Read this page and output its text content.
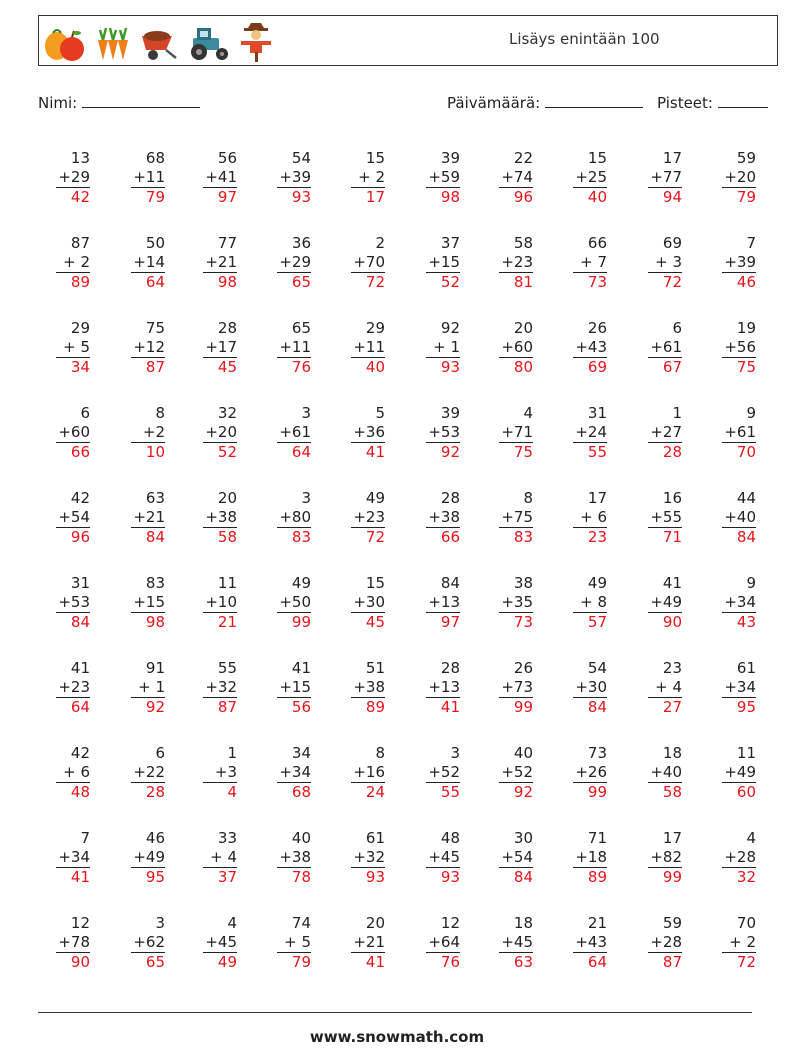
Lisäys enintään 100
Nimi:	Päivämäärä:	Pisteet:
13
+29
42
68
+11
79
56
+41
97
54
+39
93
15
+ 2
17
39
+59
98
22
+74
96
15
+25
40
17
+77
94
59
+20
79
87
+ 2
89
50
+14
64
77
+21
98
36
+29
65
2
+70
72
37
+15
52
58
+23
81
66
+ 7
73
69
+ 3
72
7
+39
46
29
+ 5
34
75
+12
87
28
+17
45
65
+11
76
29
+11
40
92
+ 1
93
20
+60
80
26
+43
69
6
+61
67
19
+56
75
6
+60
66
8
+2
10
32
+20
52
3
+61
64
5
+36
41
39
+53
92
4
+71
75
31
+24
55
1
+27
28
9
+61
70
42
+54
96
63
+21
84
20
+38
58
3
+80
83
49
+23
72
28
+38
66
8
+75
83
17
+ 6
23
16
+55
71
44
+40
84
31
+53
84
83
+15
98
11
+10
21
49
+50
99
15
+30
45
84
+13
97
38
+35
73
49
+ 8
57
41
+49
90
9
+34
43
41
+23
64
91
+ 1
92
55
+32
87
41
+15
56
51
+38
89
28
+13
41
26
+73
99
54
+30
84
23
+ 4
27
61
+34
95
42
+ 6
48
6
+22
28
1
+3
4
34
+34
68
8
+16
24
3
+52
55
40
+52
92
73
+26
99
18
+40
58
11
+49
60
7
+34
41
46
+49
95
33
+ 4
37
40
+38
78
61
+32
93
48
+45
93
30
+54
84
71
+18
89
17
+82
99
4
+28
32
12
+78
90
3
+62
65
4
+45
49
74
+ 5
79
20
+21
41
12
+64
76
18
+45
63
21
+43
64
59
+28
87
70
+ 2
72
www.snowmath.com
